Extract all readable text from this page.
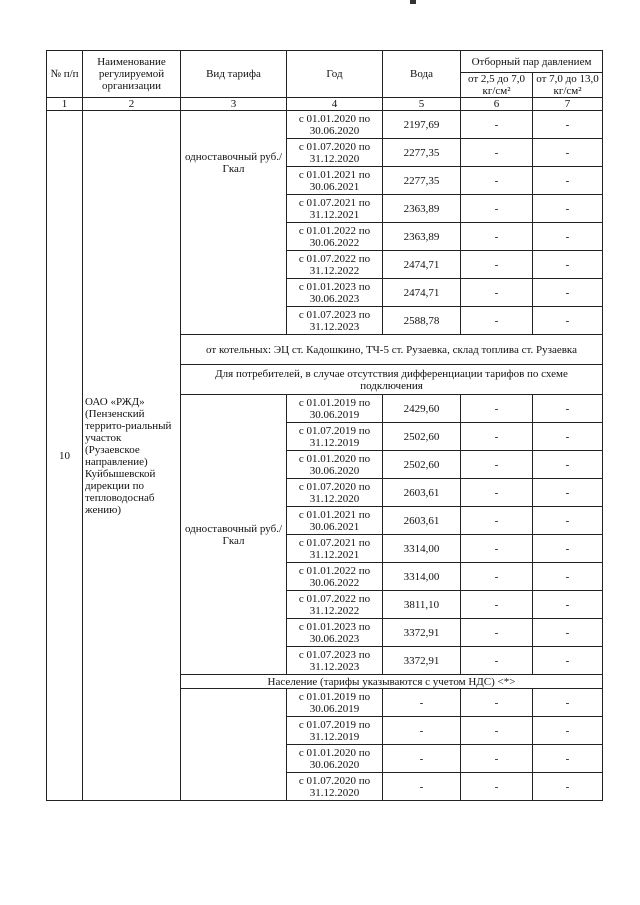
№ п/п	Наименование регулируемой организации	Вид тарифа	Год	Вода	Отборный пар давлением	
					от 2,5 до 7,0 кг/см²	от 7,0 до 13,0 кг/см²
1	2	3	4	5	6	7
10	ОАО «РЖД» (Пензенский террито-риальный участок (Рузаевское направление) Куйбышевской дирекции по тепловодоснаб жению)	одноставочный руб./Гкал	с 01.01.2020 по 30.06.2020	2197,69	-	-
			с 01.07.2020 по 31.12.2020	2277,35	-	-
			с 01.01.2021 по 30.06.2021	2277,35	-	-
			с 01.07.2021 по 31.12.2021	2363,89	-	-
			с 01.01.2022 по 30.06.2022	2363,89	-	-
			с 01.07.2022 по 31.12.2022	2474,71	-	-
			с 01.01.2023 по 30.06.2023	2474,71	-	-
			с 01.07.2023 по 31.12.2023	2588,78	-	-
		от котельных: ЭЦ ст. Кадошкино, ТЧ-5 ст. Рузаевка, склад топлива ст. Рузаевка				
		Для потребителей, в случае отсутствия дифференциации тарифов по схеме подключения				
		одноставочный руб./Гкал	с 01.01.2019 по 30.06.2019	2429,60	-	-
			с 01.07.2019 по 31.12.2019	2502,60	-	-
			с 01.01.2020 по 30.06.2020	2502,60	-	-
			с 01.07.2020 по 31.12.2020	2603,61	-	-
			с 01.01.2021 по 30.06.2021	2603,61	-	-
			с 01.07.2021 по 31.12.2021	3314,00	-	-
			с 01.01.2022 по 30.06.2022	3314,00	-	-
			с 01.07.2022 по 31.12.2022	3811,10	-	-
			с 01.01.2023 по 30.06.2023	3372,91	-	-
			с 01.07.2023 по 31.12.2023	3372,91	-	-
		Население (тарифы указываются с учетом НДС) <*>				
			с 01.01.2019 по 30.06.2019	-	-	-
			с 01.07.2019 по 31.12.2019	-	-	-
			с 01.01.2020 по 30.06.2020	-	-	-
			с 01.07.2020 по 31.12.2020	-	-	-
